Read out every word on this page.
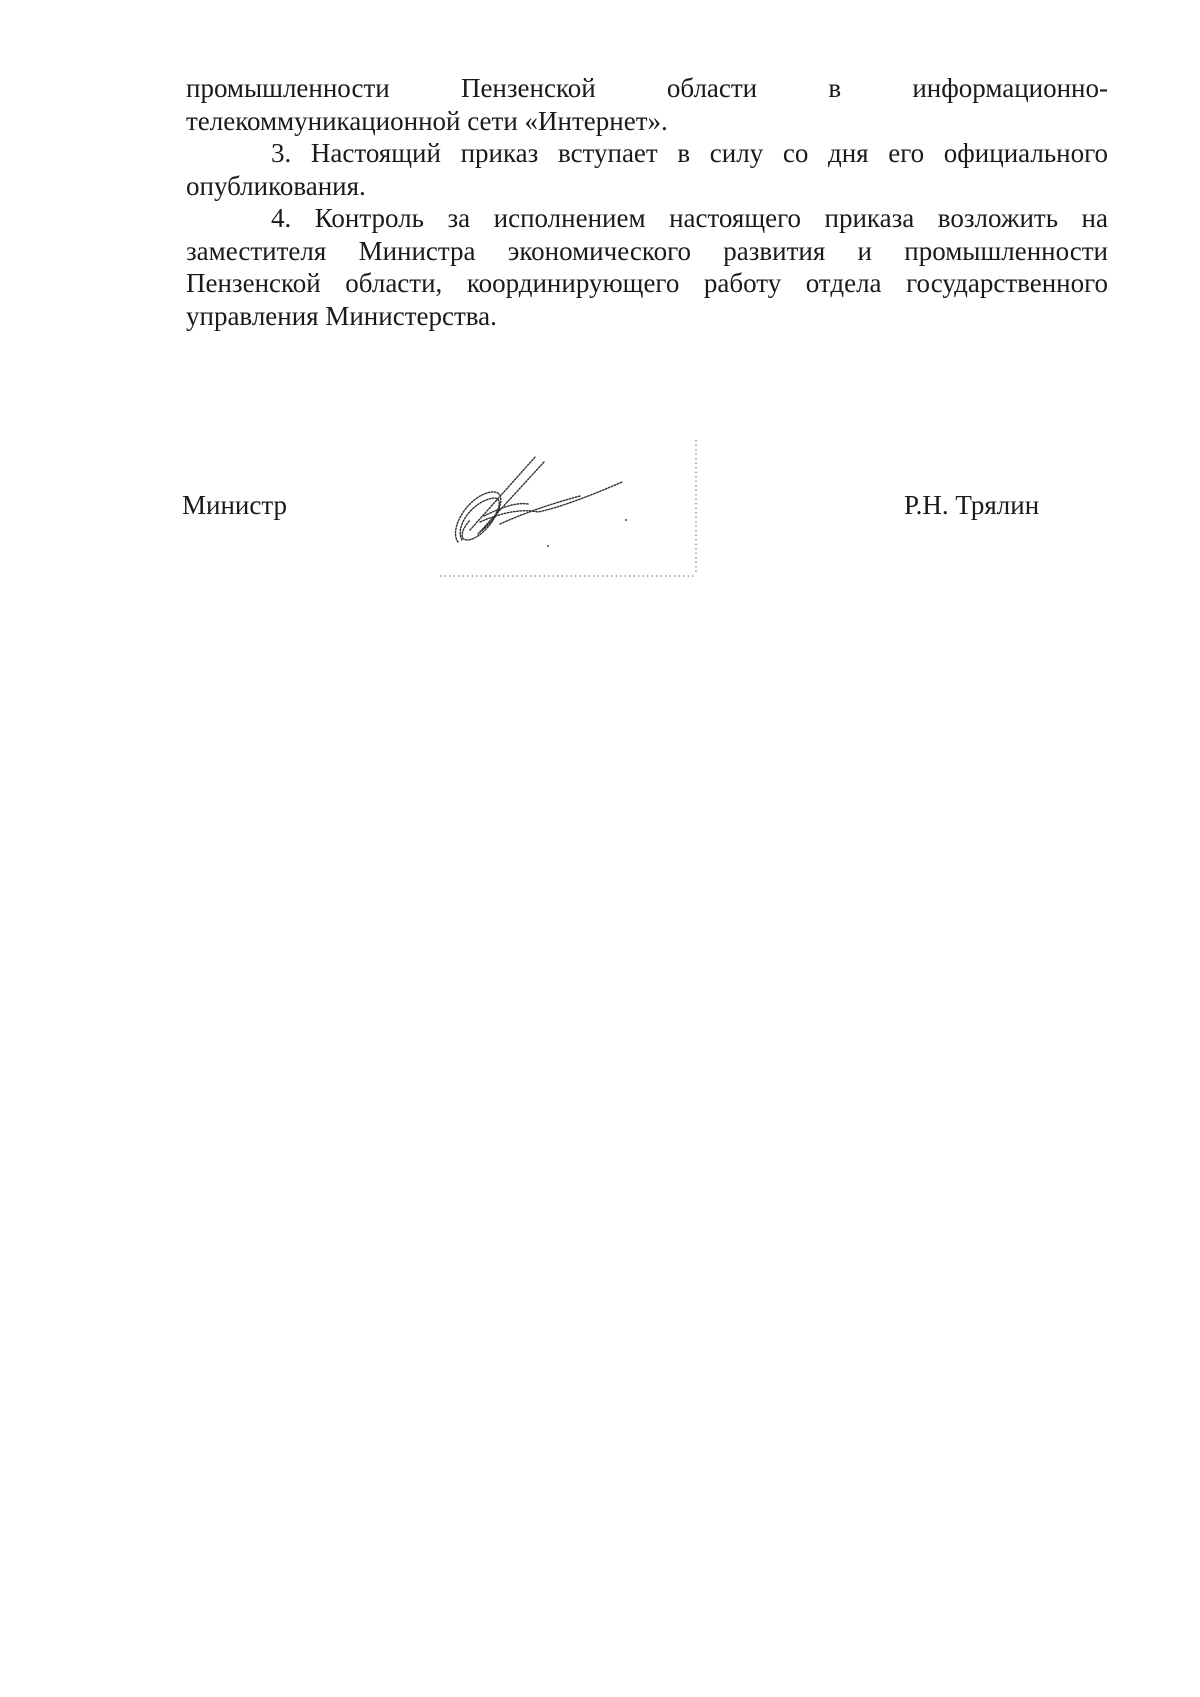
промышленности Пензенской области в информационно-

телекоммуникационной сети «Интернет».

3. Настоящий приказ вступает в силу со дня его официального опубликования.

4. Контроль за исполнением настоящего приказа возложить на заместителя Министра экономического развития и промышленности Пензенской области, координирующего работу отдела государственного управления Министерства.

Министр	Р.Н. Трялин
